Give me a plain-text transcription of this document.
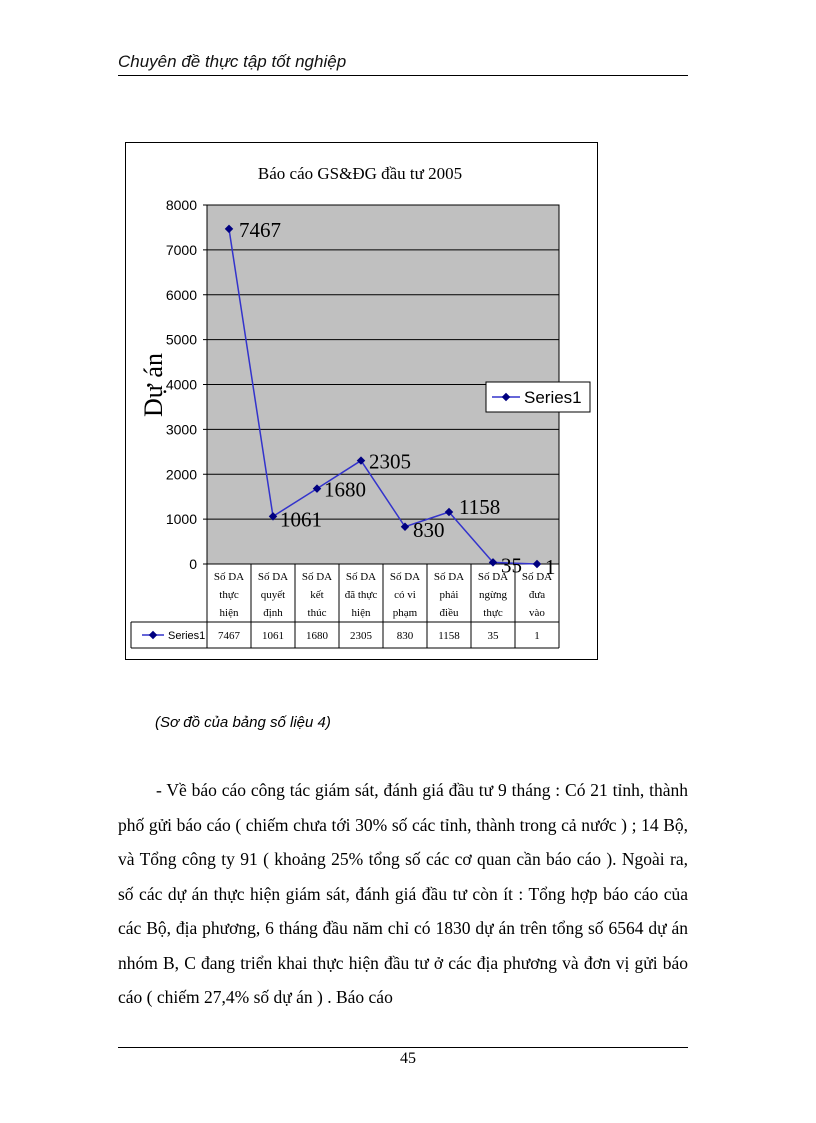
Chuyên đề thực tập tốt nghiệp
Báo cáo GS&ĐG đầu tư 2005
0
1000
2000
3000
4000
5000
6000
7000
8000
Dự án
Số DA
thực
hiện
Số DA
quyết
định
Số DA
kết
thúc
Số DA
đã thực
hiện
Số DA
có vi
phạm
Số DA
phải
điều
Số DA
ngừng
thực
Số DA
đưa
vào
7467
1061
1680
2305
830
1158
35 1
Series1 7467 1061 1680 2305 830 1158	35	1
Series1
(Sơ đồ của bảng số liệu 4)

- Về báo cáo công tác giám sát, đánh giá đầu tư 9 tháng : Có 21 tỉnh, thành phố gửi báo cáo ( chiếm chưa tới 30% số các tỉnh, thành trong cả nước ) ; 14 Bộ, và Tổng công ty 91 ( khoảng 25% tổng số các cơ quan cần báo cáo ). Ngoài ra, số các dự án thực hiện giám sát, đánh giá đầu tư còn ít : Tổng hợp báo cáo của các Bộ, địa phương, 6 tháng đầu năm chỉ có 1830 dự án trên tổng số 6564 dự án nhóm B, C đang triển khai thực hiện đầu tư ở các địa phương và đơn vị gửi báo cáo ( chiếm 27,4% số dự án ) . Báo cáo

45
